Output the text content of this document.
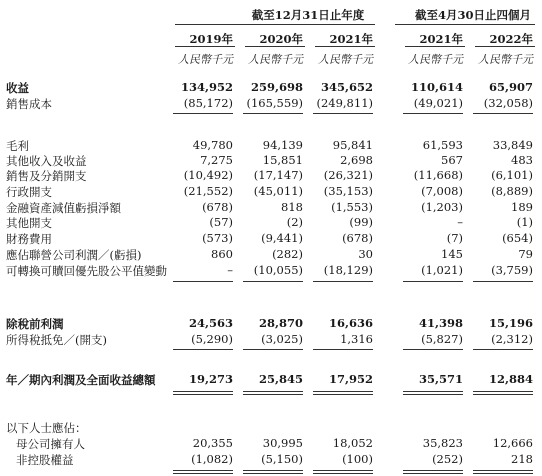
截至12月31日止年度	截至4月30日止四個月
2019年	2020年	2021年	2021年	2022年
人民幣千元	人民幣千元	人民幣千元	人民幣千元	人民幣千元
收益	134,952	259,698	345,652	110,614	65,907
銷售成本	(85,172)	(165,559)	(249,811)	(49,021)	(32,058)
毛利	49,780	94,139	95,841	61,593	33,849
其他收入及收益	7,275	15,851	2,698	567	483
銷售及分銷開支	(10,492)	(17,147)	(26,321)	(11,668)	(6,101)
行政開支	(21,552)	(45,011)	(35,153)	(7,008)	(8,889)
金融資產減值虧損淨額	(678)	818	(1,553)	(1,203)	189
其他開支	(57)	(2)	(99)	–	(1)
財務費用	(573)	(9,441)	(678)	(7)	(654)
應佔聯營公司利潤／(虧損)	860	(282)	30	145	79
可轉換可贖回優先股公平值變動	–	(10,055)	(18,129)	(1,021)	(3,759)
除稅前利潤	24,563	28,870	16,636	41,398	15,196
所得稅抵免／(開支)	(5,290)	(3,025)	1,316	(5,827)	(2,312)
年／期內利潤及全面收益總額	19,273	25,845	17,952	35,571	12,884
以下人士應佔：
母公司擁有人	20,355	30,995	18,052	35,823	12,666
非控股權益	(1,082)	(5,150)	(100)	(252)	218
